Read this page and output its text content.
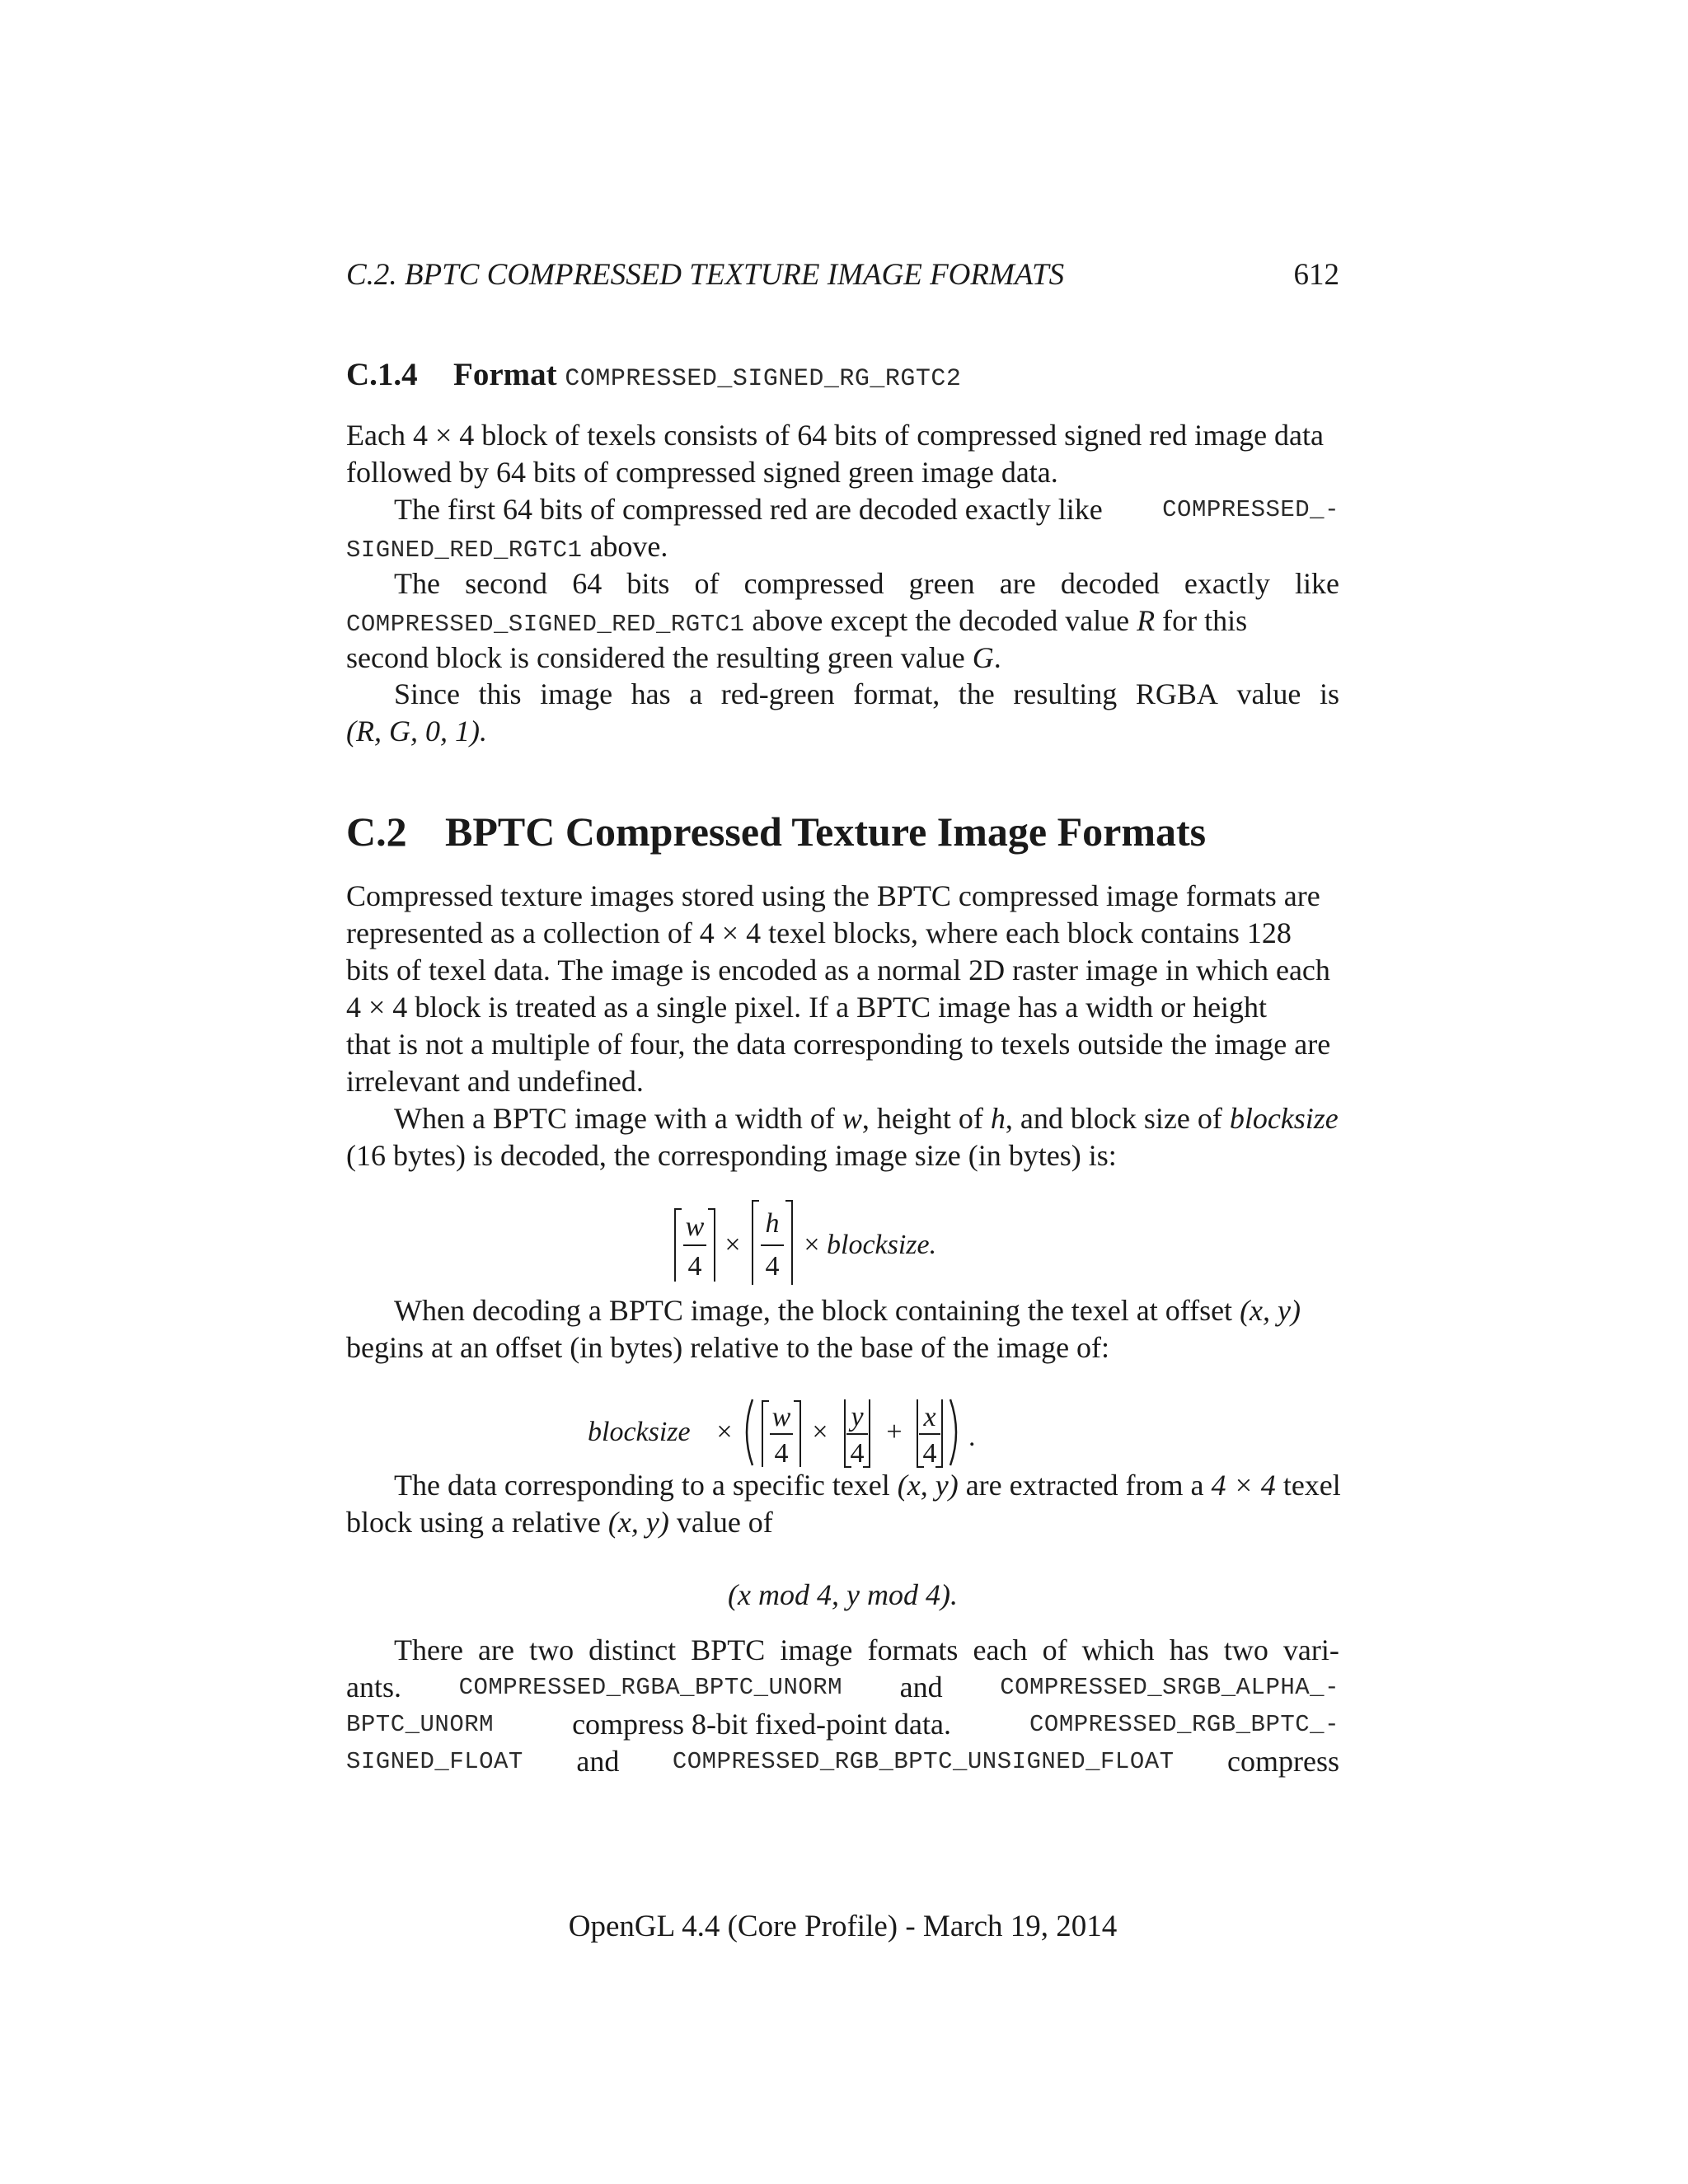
C.2. BPTC COMPRESSED TEXTURE IMAGE FORMATS	612
C.1.4 Format COMPRESSED_SIGNED_RG_RGTC2
Each 4 × 4 block of texels consists of 64 bits of compressed signed red image data
followed by 64 bits of compressed signed green image data.
The first 64 bits of compressed red are decoded exactly like COMPRESSED_-
SIGNED_RED_RGTC1 above.
The second 64 bits of compressed green are decoded exactly like
COMPRESSED_SIGNED_RED_RGTC1 above except the decoded value R for this
second block is considered the resulting green value G.
Since this image has a red-green format, the resulting RGBA value is
(R, G, 0, 1).
C.2 BPTC Compressed Texture Image Formats
Compressed texture images stored using the BPTC compressed image formats are
represented as a collection of 4 × 4 texel blocks, where each block contains 128
bits of texel data. The image is encoded as a normal 2D raster image in which each
4 × 4 block is treated as a single pixel. If a BPTC image has a width or height
that is not a multiple of four, the data corresponding to texels outside the image are
irrelevant and undefined.
When a BPTC image with a width of w, height of h, and block size of blocksize
(16 bytes) is decoded, the corresponding image size (in bytes) is:
w
4
×
h
4
× blocksize.
When decoding a BPTC image, the block containing the texel at offset (x, y)
begins at an offset (in bytes) relative to the base of the image of:
blocksize × w
4
× y
4
+ x
4
.
The data corresponding to a specific texel (x, y) are extracted from a 4 × 4 texel
block using a relative (x, y) value of
(x mod 4, y mod 4).
There are two distinct BPTC image formats each of which has two vari-
ants. COMPRESSED_RGBA_BPTC_UNORM and COMPRESSED_SRGB_ALPHA_-
BPTC_UNORM	compress 8-bit fixed-point data.	COMPRESSED_RGB_BPTC_-
SIGNED_FLOAT and COMPRESSED_RGB_BPTC_UNSIGNED_FLOAT compress
OpenGL 4.4 (Core Profile) - March 19, 2014
